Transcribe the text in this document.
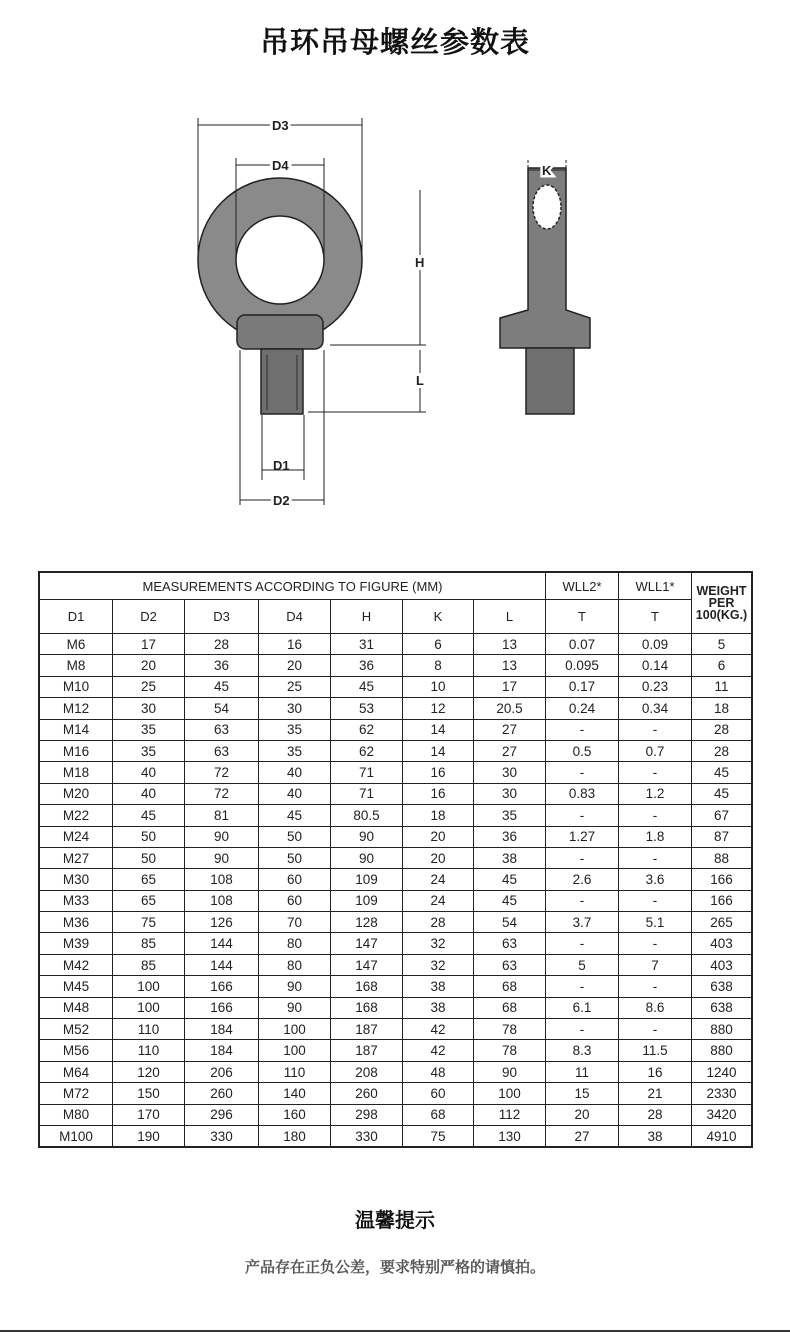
吊环吊母螺丝参数表
D3
D4
H
L
D1
D2
K
MEASUREMENTS ACCORDING TO FIGURE (MM)							WLL2*	WLL1*	WEIGHT
PER
100(KG.)

D1	D2	D3	D4	H	K	L	T	T	
M6	17	28	16	31	6	13	0.07	0.09	5
M8	20	36	20	36	8	13	0.095	0.14	6
M10	25	45	25	45	10	17	0.17	0.23	11
M12	30	54	30	53	12	20.5	0.24	0.34	18
M14	35	63	35	62	14	27	-	-	28
M16	35	63	35	62	14	27	0.5	0.7	28
M18	40	72	40	71	16	30	-	-	45
M20	40	72	40	71	16	30	0.83	1.2	45
M22	45	81	45	80.5	18	35	-	-	67
M24	50	90	50	90	20	36	1.27	1.8	87
M27	50	90	50	90	20	38	-	-	88
M30	65	108	60	109	24	45	2.6	3.6	166
M33	65	108	60	109	24	45	-	-	166
M36	75	126	70	128	28	54	3.7	5.1	265
M39	85	144	80	147	32	63	-	-	403
M42	85	144	80	147	32	63	5	7	403
M45	100	166	90	168	38	68	-	-	638
M48	100	166	90	168	38	68	6.1	8.6	638
M52	110	184	100	187	42	78	-	-	880
M56	110	184	100	187	42	78	8.3	11.5	880
M64	120	206	110	208	48	90	11	16	1240
M72	150	260	140	260	60	100	15	21	2330
M80	170	296	160	298	68	112	20	28	3420
M100	190	330	180	330	75	130	27	38	4910
温馨提示
产品存在正负公差，要求特别严格的请慎拍。
